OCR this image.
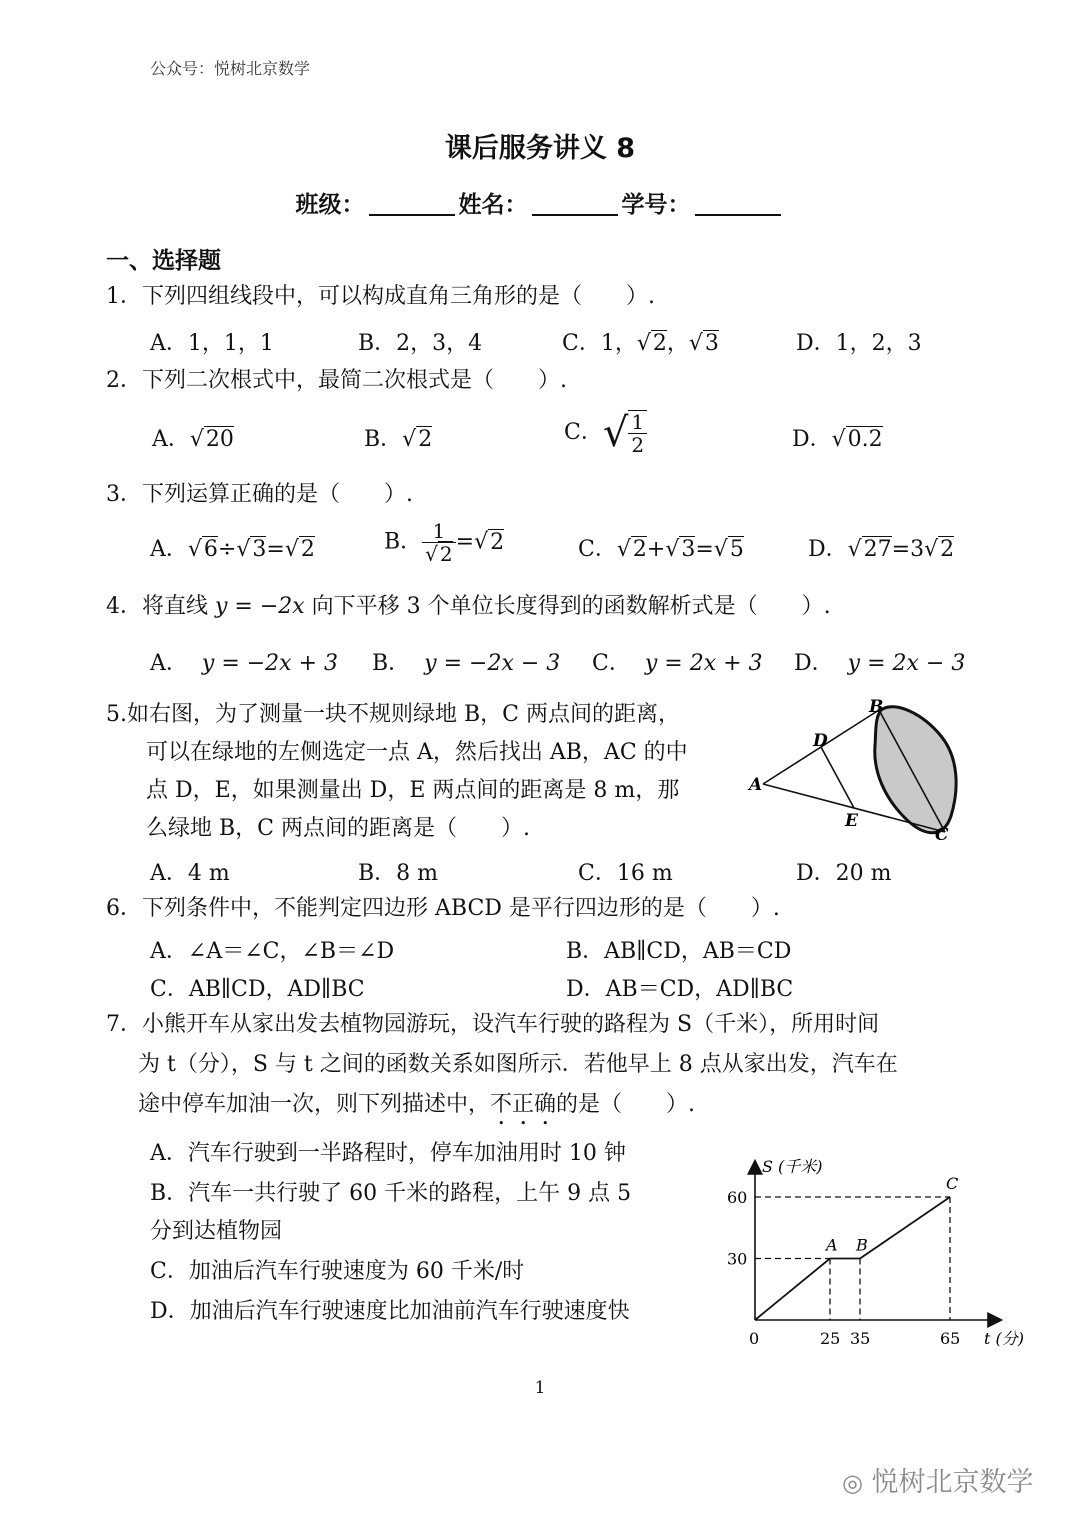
公众号：悦树北京数学
课后服务讲义 8
班级：	姓名：	学号：
一、选择题
1．下列四组线段中，可以构成直角三角形的是（　　）.
A．1，1，1	B．2，3，4	C．1，√2，√3	D．1，2，3
2．下列二次根式中，最简二次根式是（　　）.
A．√20	B．√2	C．√ $\frac{1}{2}$	D．√0.2
3．下列运算正确的是（　　）.
A．√6÷√3=√2	B． $\frac{1}{√ 2} =√2$	C．√2+√3=√5	D．√27=3√2
4．将直线 y = −2x 向下平移 3 个单位长度得到的函数解析式是（　　）.
A． y = −2x + 3 B． y = −2x − 3 C． y = 2x + 3 D． y = 2x − 3
5.如右图，为了测量一块不规则绿地 B，C 两点间的距离，
可以在绿地的左侧选定一点 A，然后找出 AB，AC 的中
点 D，E，如果测量出 D，E 两点间的距离是 8 m，那
么绿地 B，C 两点间的距离是（　　）.
A．4 m	B．8 m	C．16 m	D．20 m
A
B
C
D
E
6．下列条件中，不能判定四边形 ABCD 是平行四边形的是（　　）.
A．∠A＝∠C，∠B＝∠D	B．AB∥CD，AB＝CD
C．AB∥CD，AD∥BC	D．AB＝CD，AD∥BC
7．小熊开车从家出发去植物园游玩，设汽车行驶的路程为 S（千米），所用时间
为 t（分），S 与 t 之间的函数关系如图所示．若他早上 8 点从家出发，汽车在
途中停车加油一次，则下列描述中，不正确的是（　　）.
A．汽车行驶到一半路程时，停车加油用时 10 钟
B．汽车一共行驶了 60 千米的路程，上午 9 点 5
分到达植物园
C．加油后汽车行驶速度为 60 千米/时
D．加油后汽车行驶速度比加油前汽车行驶速度快
S (千米)
t (分)
30
60
0	25 35	65
A B
C
1
◎ 悦树北京数学
